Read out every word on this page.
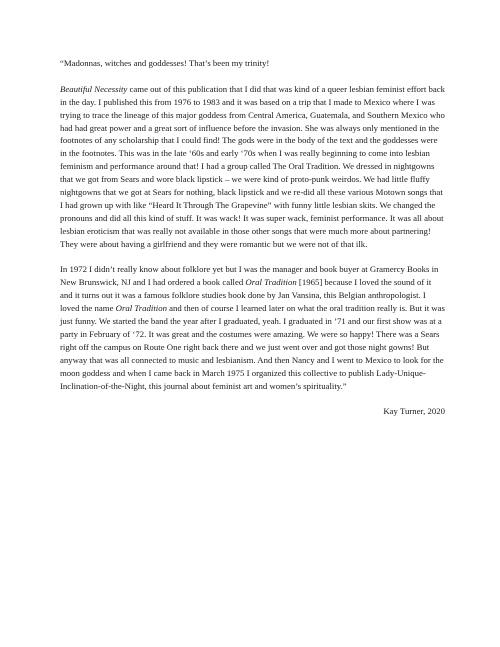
“Madonnas, witches and goddesses! That’s been my trinity!

Beautiful Necessity came out of this publication that I did that was kind of a queer lesbian feminist effort back in the day. I published this from 1976 to 1983 and it was based on a trip that I made to Mexico where I was trying to trace the lineage of this major goddess from Central America, Guatemala, and Southern Mexico who had had great power and a great sort of influence before the invasion. She was always only mentioned in the footnotes of any scholarship that I could find! The gods were in the body of the text and the goddesses were in the footnotes. This was in the late ‘60s and early ‘70s when I was really beginning to come into lesbian feminism and performance around that! I had a group called The Oral Tradition. We dressed in nightgowns that we got from Sears and wore black lipstick – we were kind of proto-punk weirdos. We had little fluffy nightgowns that we got at Sears for nothing, black lipstick and we re-did all these various Motown songs that I had grown up with like “Heard It Through The Grapevine” with funny little lesbian skits. We changed the pronouns and did all this kind of stuff. It was wack! It was super wack, feminist performance. It was all about lesbian eroticism that was really not available in those other songs that were much more about partnering! They were about having a girlfriend and they were romantic but we were not of that ilk.

In 1972 I didn’t really know about folklore yet but I was the manager and book buyer at Gramercy Books in New Brunswick, NJ and I had ordered a book called Oral Tradition [1965] because I loved the sound of it and it turns out it was a famous folklore studies book done by Jan Vansina, this Belgian anthropologist. I loved the name Oral Tradition and then of course I learned later on what the oral tradition really is. But it was just funny. We started the band the year after I graduated, yeah. I graduated in ’71 and our first show was at a party in February of ‘72. It was great and the costumes were amazing. We were so happy! There was a Sears right off the campus on Route One right back there and we just went over and got those night gowns! But anyway that was all connected to music and lesbianism. And then Nancy and I went to Mexico to look for the moon goddess and when I came back in March 1975 I organized this collective to publish Lady-Unique-Inclination-of-the-Night, this journal about feminist art and women’s spirituality.”

Kay Turner, 2020
